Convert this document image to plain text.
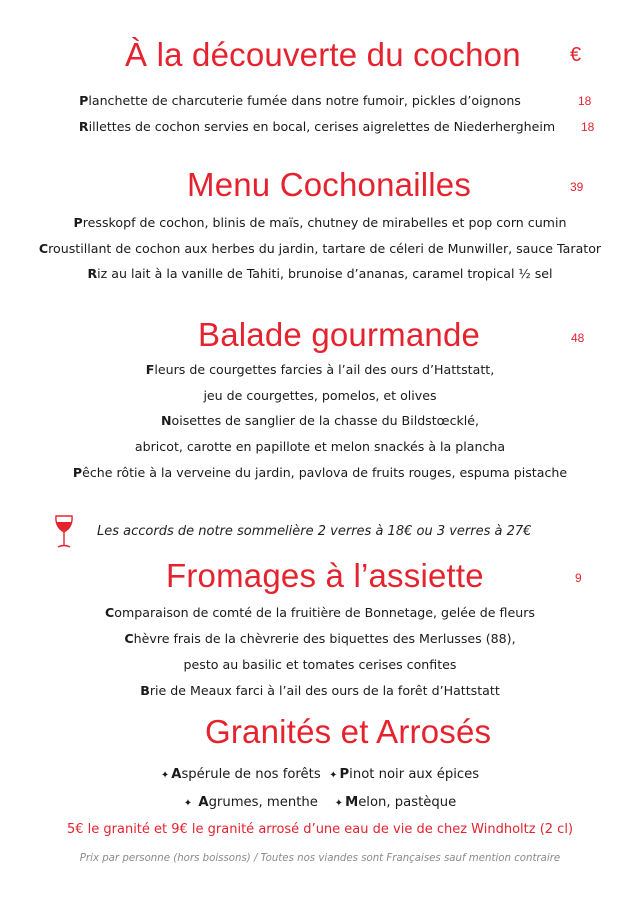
À la découverte du cochon €
Planchette de charcuterie fumée dans notre fumoir, pickles d’oignons	18
Rillettes de cochon servies en bocal, cerises aigrelettes de Niederhergheim	18
Menu Cochonailles	39
Presskopf de cochon, blinis de maïs, chutney de mirabelles et pop corn cumin
Croustillant de cochon aux herbes du jardin, tartare de céleri de Munwiller, sauce Tarator
Riz au lait à la vanille de Tahiti, brunoise d’ananas, caramel tropical ½ sel
Balade gourmande	48
Fleurs de courgettes farcies à l’ail des ours d’Hattstatt,
jeu de courgettes, pomelos, et olives
Noisettes de sanglier de la chasse du Bildstœcklé,
abricot, carotte en papillote et melon snackés à la plancha
Pêche rôtie à la verveine du jardin, pavlova de fruits rouges, espuma pistache
Les accords de notre sommelière 2 verres à 18€ ou 3 verres à 27€
Fromages à l’assiette	9
Comparaison de comté de la fruitière de Bonnetage, gelée de fleurs
Chèvre frais de la chèvrerie des biquettes des Merlusses (88),
pesto au basilic et tomates cerises confites
Brie de Meaux farci à l’ail des ours de la forêt d’Hattstatt
Granités et Arrosés
✦ Aspérule de nos forêts ✦ Pinot noir aux épices
✦ Agrumes, menthe ✦ Melon, pastèque
5€ le granité et 9€ le granité arrosé d’une eau de vie de chez Windholtz (2 cl)
Prix par personne (hors boissons) / Toutes nos viandes sont Françaises sauf mention contraire
